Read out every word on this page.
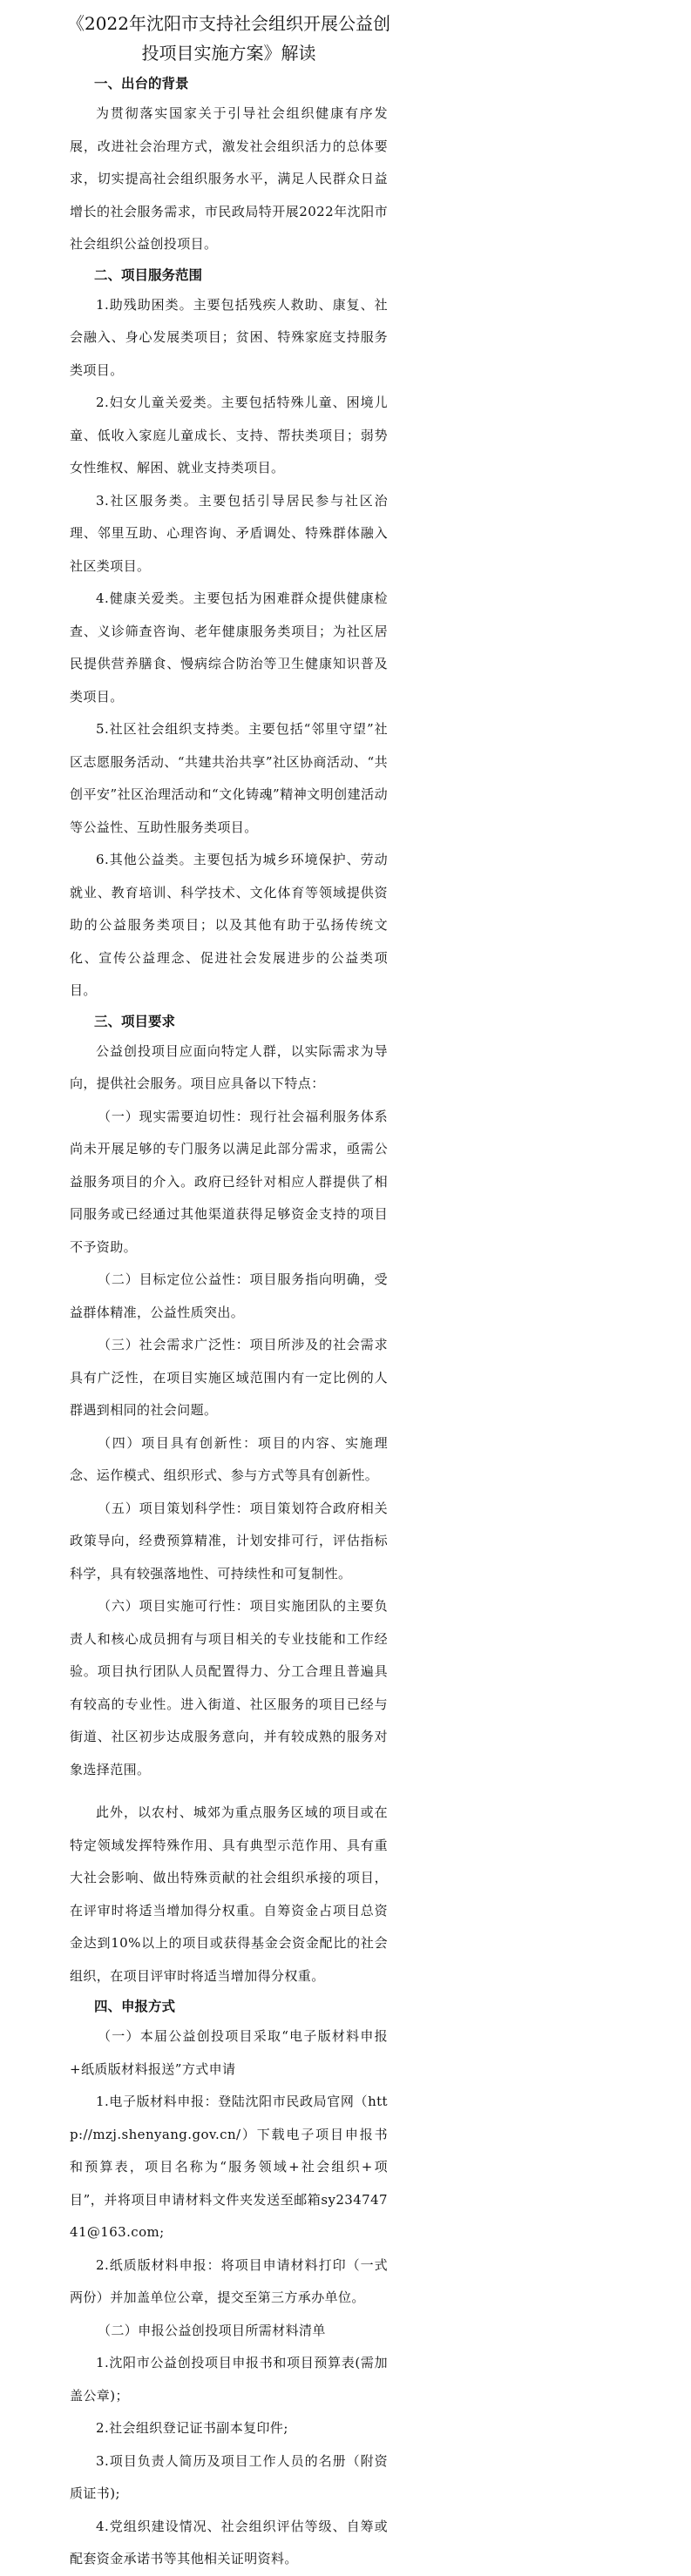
《2022年沈阳市支持社会组织开展公益创
投项目实施方案》解读
一、出台的背景

为贯彻落实国家关于引导社会组织健康有序发展，改进社会治理方式，激发社会组织活力的总体要求，切实提高社会组织服务水平，满足人民群众日益增长的社会服务需求，市民政局特开展2022年沈阳市社会组织公益创投项目。

二、项目服务范围

1.助残助困类。主要包括残疾人救助、康复、社会融入、身心发展类项目；贫困、特殊家庭支持服务类项目。

2.妇女儿童关爱类。主要包括特殊儿童、困境儿童、低收入家庭儿童成长、支持、帮扶类项目；弱势女性维权、解困、就业支持类项目。

3.社区服务类。主要包括引导居民参与社区治理、邻里互助、心理咨询、矛盾调处、特殊群体融入社区类项目。

4.健康关爱类。主要包括为困难群众提供健康检查、义诊筛查咨询、老年健康服务类项目；为社区居民提供营养膳食、慢病综合防治等卫生健康知识普及类项目。

5.社区社会组织支持类。主要包括“邻里守望”社区志愿服务活动、“共建共治共享”社区协商活动、“共创平安”社区治理活动和“文化铸魂”精神文明创建活动等公益性、互助性服务类项目。

6.其他公益类。主要包括为城乡环境保护、劳动就业、教育培训、科学技术、文化体育等领域提供资助的公益服务类项目；以及其他有助于弘扬传统文化、宣传公益理念、促进社会发展进步的公益类项目。

三、项目要求

公益创投项目应面向特定人群，以实际需求为导向，提供社会服务。项目应具备以下特点：

（一）现实需要迫切性：现行社会福利服务体系尚未开展足够的专门服务以满足此部分需求，亟需公益服务项目的介入。政府已经针对相应人群提供了相同服务或已经通过其他渠道获得足够资金支持的项目不予资助。

（二）目标定位公益性：项目服务指向明确，受益群体精准，公益性质突出。

（三）社会需求广泛性：项目所涉及的社会需求具有广泛性，在项目实施区域范围内有一定比例的人群遇到相同的社会问题。

（四）项目具有创新性：项目的内容、实施理念、运作模式、组织形式、参与方式等具有创新性。

（五）项目策划科学性：项目策划符合政府相关政策导向，经费预算精准，计划安排可行，评估指标科学，具有较强落地性、可持续性和可复制性。

（六）项目实施可行性：项目实施团队的主要负责人和核心成员拥有与项目相关的专业技能和工作经验。项目执行团队人员配置得力、分工合理且普遍具有较高的专业性。进入街道、社区服务的项目已经与街道、社区初步达成服务意向，并有较成熟的服务对象选择范围。

此外，以农村、城郊为重点服务区域的项目或在特定领域发挥特殊作用、具有典型示范作用、具有重大社会影响、做出特殊贡献的社会组织承接的项目，在评审时将适当增加得分权重。自筹资金占项目总资金达到10%以上的项目或获得基金会资金配比的社会组织，在项目评审时将适当增加得分权重。

四、申报方式

（一）本届公益创投项目采取“电子版材料申报+纸质版材料报送”方式申请

1.电子版材料申报：登陆沈阳市民政局官网（http://mzj.shenyang.gov.cn/）下载电子项目申报书和预算表，项目名称为“服务领域+社会组织+项目”，并将项目申请材料文件夹发送至邮箱sy23474741@163.com;

2.纸质版材料申报：将项目申请材料打印（一式两份）并加盖单位公章，提交至第三方承办单位。

（二）申报公益创投项目所需材料清单

1.沈阳市公益创投项目申报书和项目预算表(需加盖公章)；

2.社会组织登记证书副本复印件;

3.项目负责人简历及项目工作人员的名册（附资质证书);

4.党组织建设情况、社会组织评估等级、自筹或配套资金承诺书等其他相关证明资料。
